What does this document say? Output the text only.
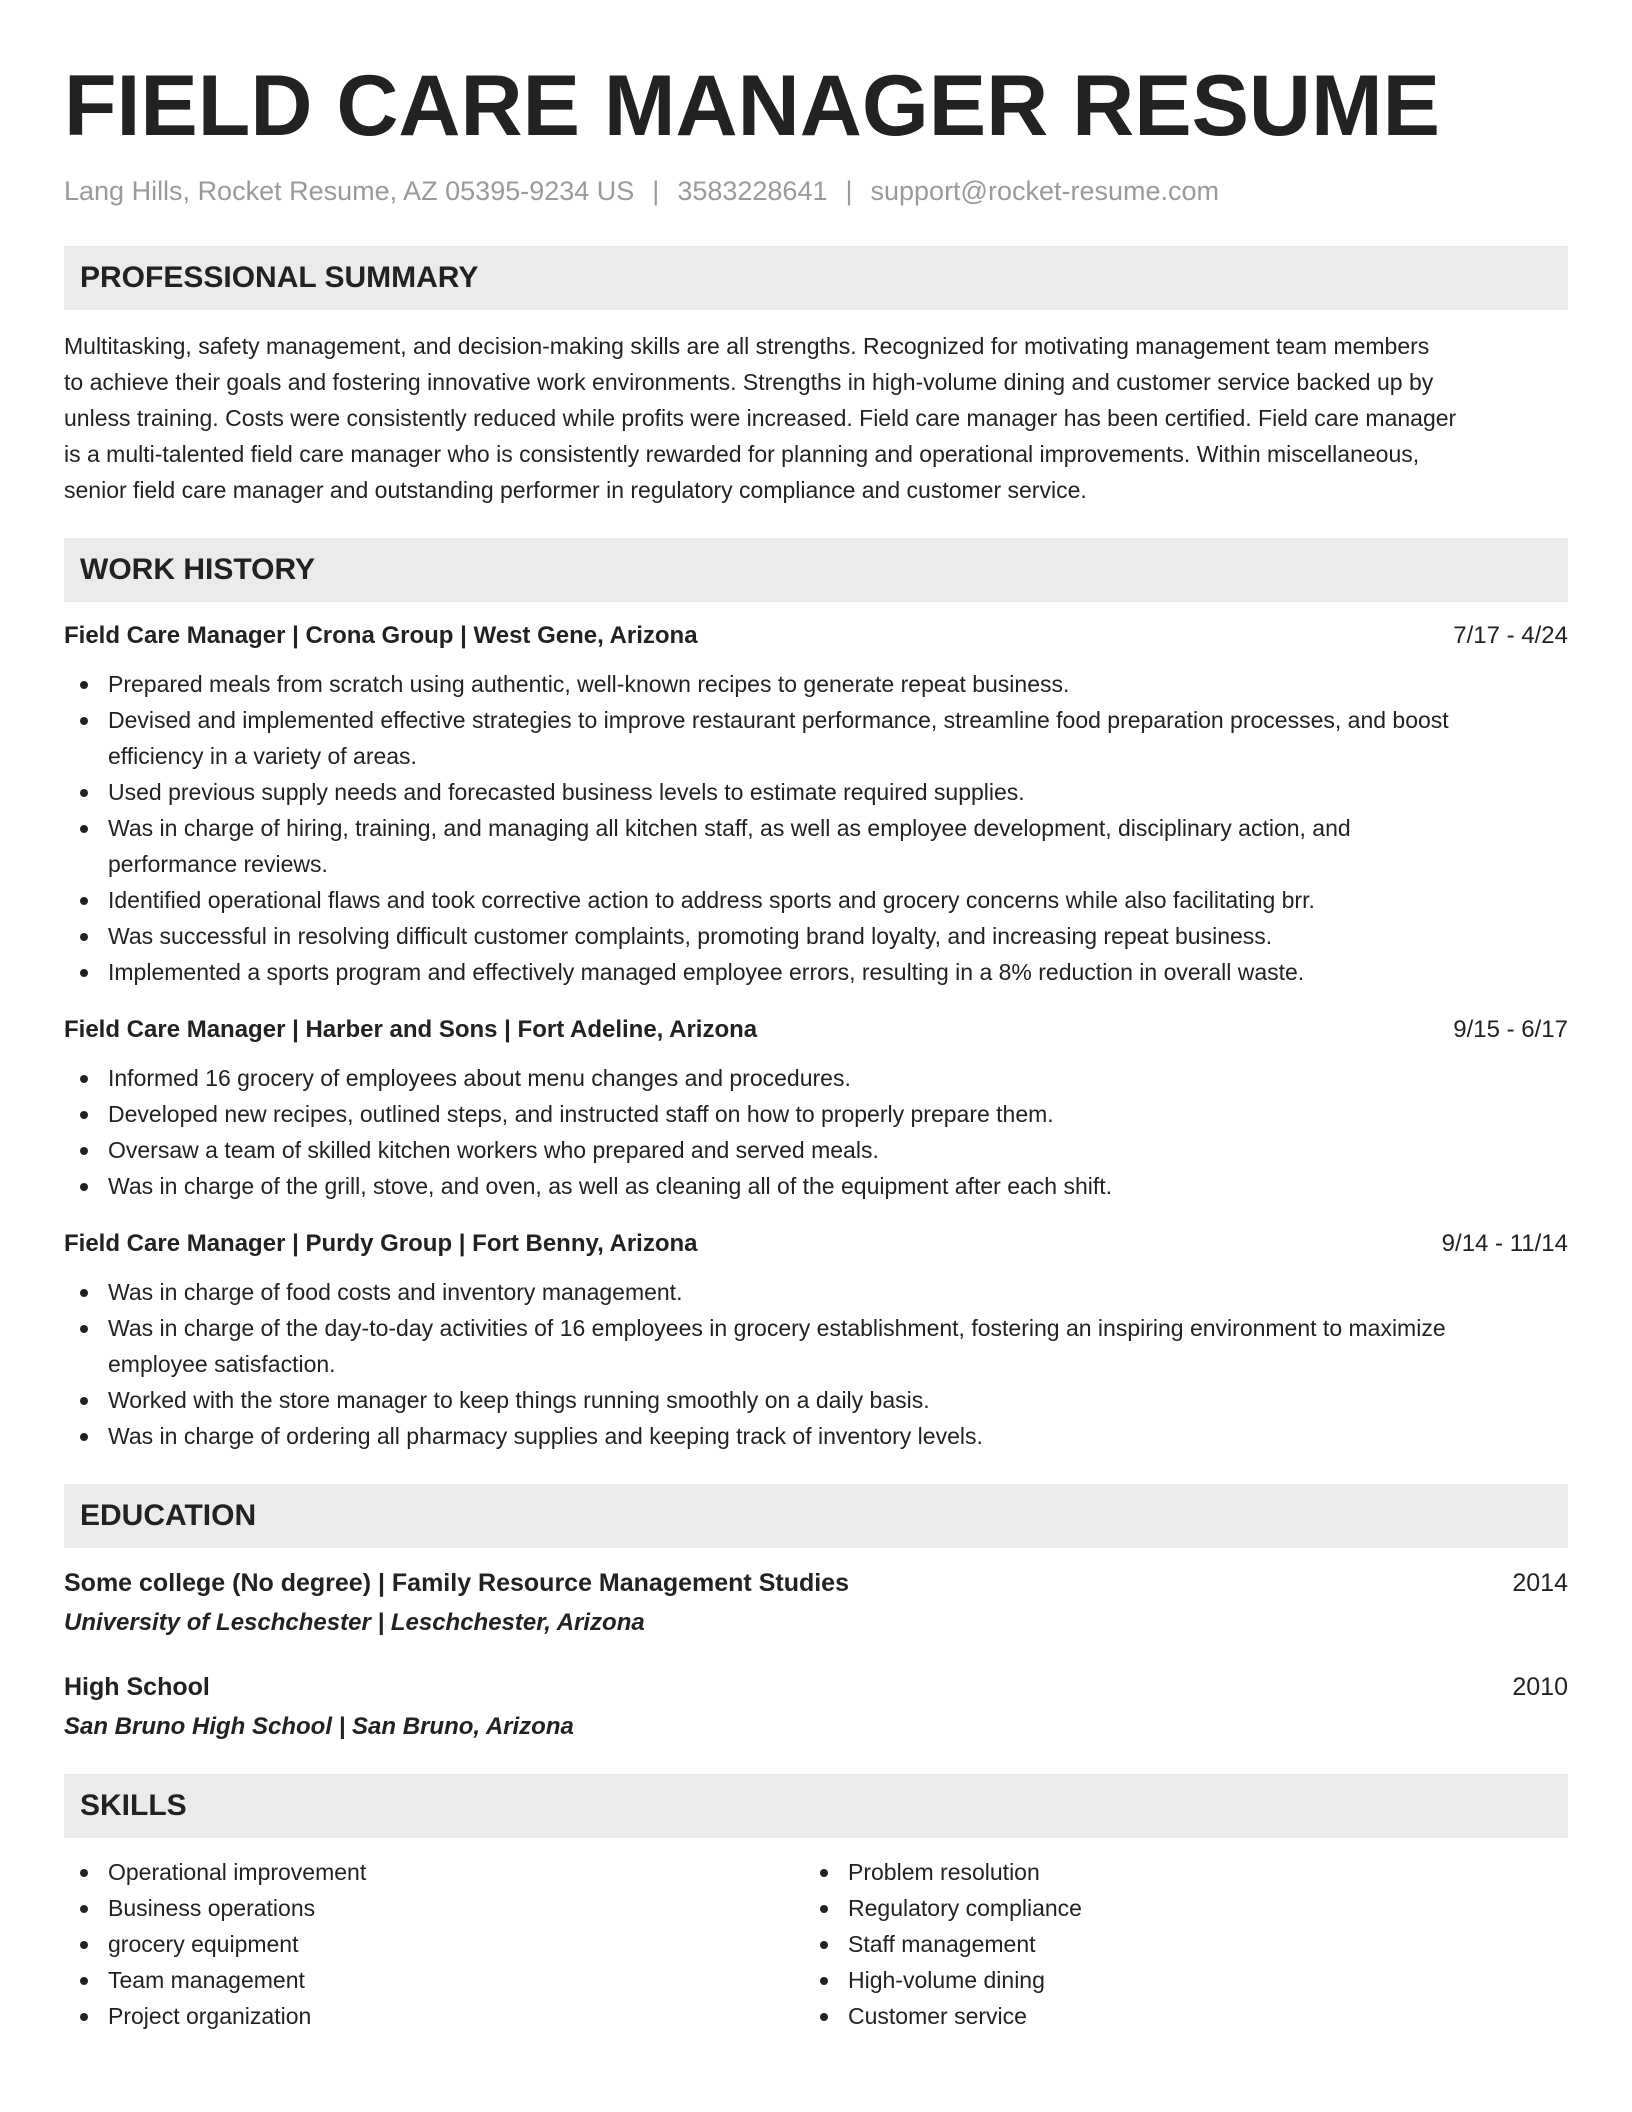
FIELD CARE MANAGER RESUME
Lang Hills, Rocket Resume, AZ 05395-9234 US | 3583228641 | support@rocket-resume.com
PROFESSIONAL SUMMARY
Multitasking, safety management, and decision-making skills are all strengths. Recognized for motivating management team members
to achieve their goals and fostering innovative work environments. Strengths in high-volume dining and customer service backed up by
unless training. Costs were consistently reduced while profits were increased. Field care manager has been certified. Field care manager
is a multi-talented field care manager who is consistently rewarded for planning and operational improvements. Within miscellaneous,
senior field care manager and outstanding performer in regulatory compliance and customer service.
WORK HISTORY
Field Care Manager | Crona Group | West Gene, Arizona	7/17 - 4/24
Prepared meals from scratch using authentic, well-known recipes to generate repeat business.
Devised and implemented effective strategies to improve restaurant performance, streamline food preparation processes, and boost
efficiency in a variety of areas.
Used previous supply needs and forecasted business levels to estimate required supplies.
Was in charge of hiring, training, and managing all kitchen staff, as well as employee development, disciplinary action, and
performance reviews.
Identified operational flaws and took corrective action to address sports and grocery concerns while also facilitating brr.
Was successful in resolving difficult customer complaints, promoting brand loyalty, and increasing repeat business.
Implemented a sports program and effectively managed employee errors, resulting in a 8% reduction in overall waste.
Field Care Manager | Harber and Sons | Fort Adeline, Arizona	9/15 - 6/17
Informed 16 grocery of employees about menu changes and procedures.
Developed new recipes, outlined steps, and instructed staff on how to properly prepare them.
Oversaw a team of skilled kitchen workers who prepared and served meals.
Was in charge of the grill, stove, and oven, as well as cleaning all of the equipment after each shift.
Field Care Manager | Purdy Group | Fort Benny, Arizona	9/14 - 11/14
Was in charge of food costs and inventory management.
Was in charge of the day-to-day activities of 16 employees in grocery establishment, fostering an inspiring environment to maximize
employee satisfaction.
Worked with the store manager to keep things running smoothly on a daily basis.
Was in charge of ordering all pharmacy supplies and keeping track of inventory levels.
EDUCATION
Some college (No degree) | Family Resource Management Studies	2014
University of Leschchester | Leschchester, Arizona
High School	2010
San Bruno High School | San Bruno, Arizona
SKILLS
Operational improvement
Business operations
grocery equipment
Team management
Project organization
Problem resolution
Regulatory compliance
Staff management
High-volume dining
Customer service
